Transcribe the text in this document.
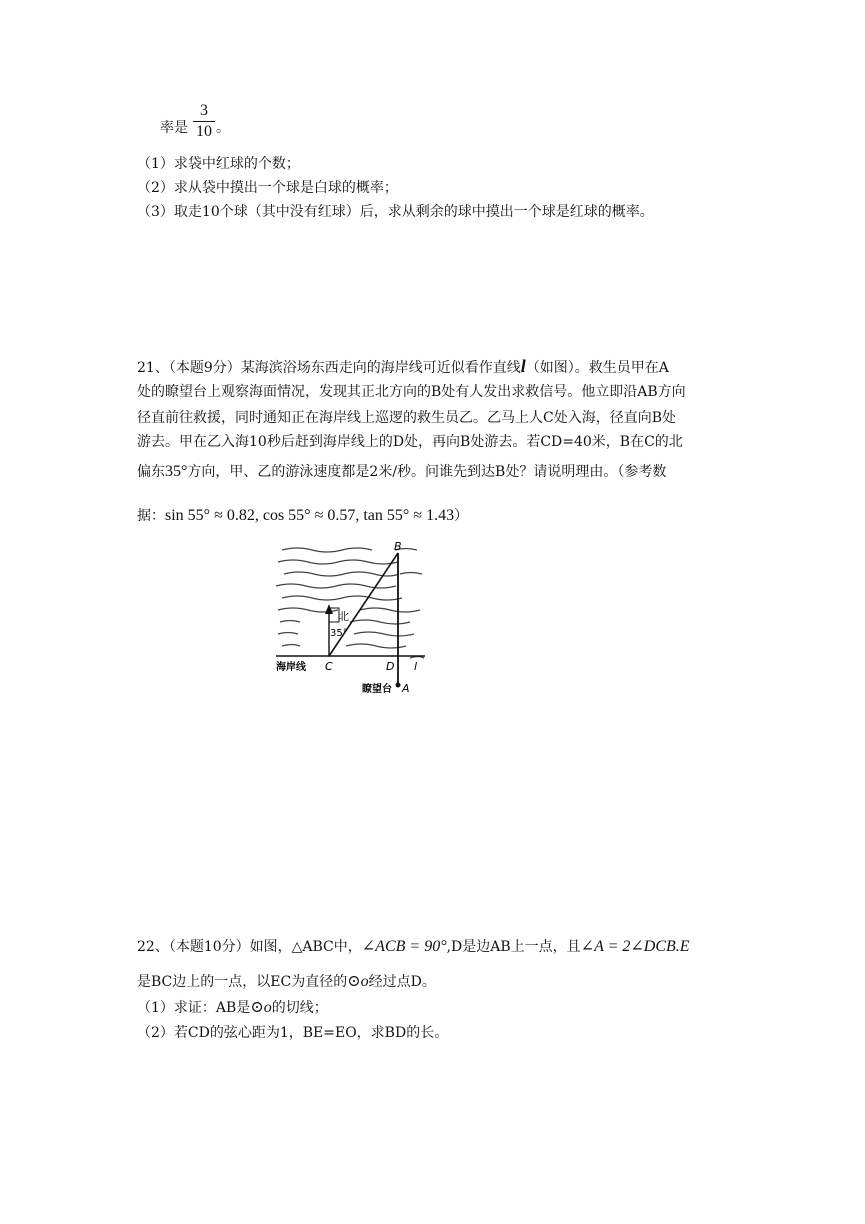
率是
3
10 。
（1）求袋中红球的个数；
（2）求从袋中摸出一个球是白球的概率；
（3）取走10个球（其中没有红球）后，求从剩余的球中摸出一个球是红球的概率。
21、（本题9分）某海滨浴场东西走向的海岸线可近似看作直线l（如图）。救生员甲在A
处的瞭望台上观察海面情况，发现其正北方向的B处有人发出求救信号。他立即沿AB方向
径直前往救援，同时通知正在海岸线上巡逻的救生员乙。乙马上人C处入海，径直向B处
游去。甲在乙入海10秒后赶到海岸线上的D处，再向B处游去。若CD=40米，B在C的北
偏东35°方向，甲、乙的游泳速度都是2米/秒。问谁先到达B处？请说明理由。（参考数
据：sin 55° ≈ 0.82, cos 55° ≈ 0.57, tan 55° ≈ 1.43）
B
北
35°
海岸线 C	D l
瞭望台 A
22、（本题10分）如图，△ABC中，∠ACB = 90°,D是边AB上一点，且∠A = 2∠DCB.E
是BC边上的一点，以EC为直径的⊙o经过点D。
（1）求证：AB是⊙o的切线；
（2）若CD的弦心距为1，BE=EO，求BD的长。
